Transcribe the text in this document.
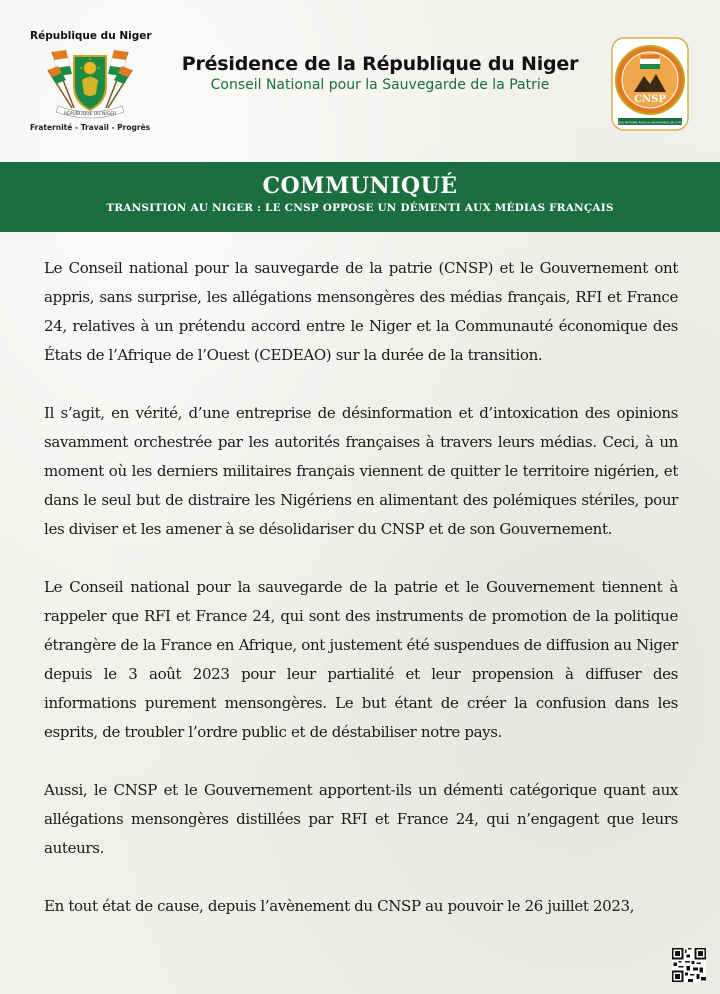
République du Niger
RÉPUBLIQUE DU NIGER
Fraternité - Travail - Progrès
Présidence de la République du Niger
Conseil National pour la Sauvegarde de la Patrie
CNSP
CONSEIL NATIONAL POUR LA SAUVEGARDE DE LA PATRIE
COMMUNIQUÉ
TRANSITION AU NIGER : LE CNSP OPPOSE UN DÉMENTI AUX MÉDIAS FRANÇAIS

Le Conseil national pour la sauvegarde de la patrie (CNSP) et le Gouvernement ont appris, sans surprise, les allégations mensongères des médias français, RFI et France 24, relatives à un prétendu accord entre le Niger et la Communauté économique des États de l’Afrique de l’Ouest (CEDEAO) sur la durée de la transition.

Il s’agit, en vérité, d’une entreprise de désinformation et d’intoxication des opinions savamment orchestrée par les autorités françaises à travers leurs médias. Ceci, à un moment où les derniers militaires français viennent de quitter le territoire nigérien, et dans le seul but de distraire les Nigériens en alimentant des polémiques stériles, pour les diviser et les amener à se désolidariser du CNSP et de son Gouvernement.

Le Conseil national pour la sauvegarde de la patrie et le Gouvernement tiennent à rappeler que RFI et France 24, qui sont des instruments de promotion de la politique étrangère de la France en Afrique, ont justement été suspendues de diffusion au Niger depuis le 3 août 2023 pour leur partialité et leur propension à diffuser des informations purement mensongères. Le but étant de créer la confusion dans les esprits, de troubler l’ordre public et de déstabiliser notre pays.

Aussi, le CNSP et le Gouvernement apportent-ils un démenti catégorique quant aux allégations mensongères distillées par RFI et France 24, qui n’engagent que leurs auteurs.

En tout état de cause, depuis l’avènement du CNSP au pouvoir le 26 juillet 2023,
